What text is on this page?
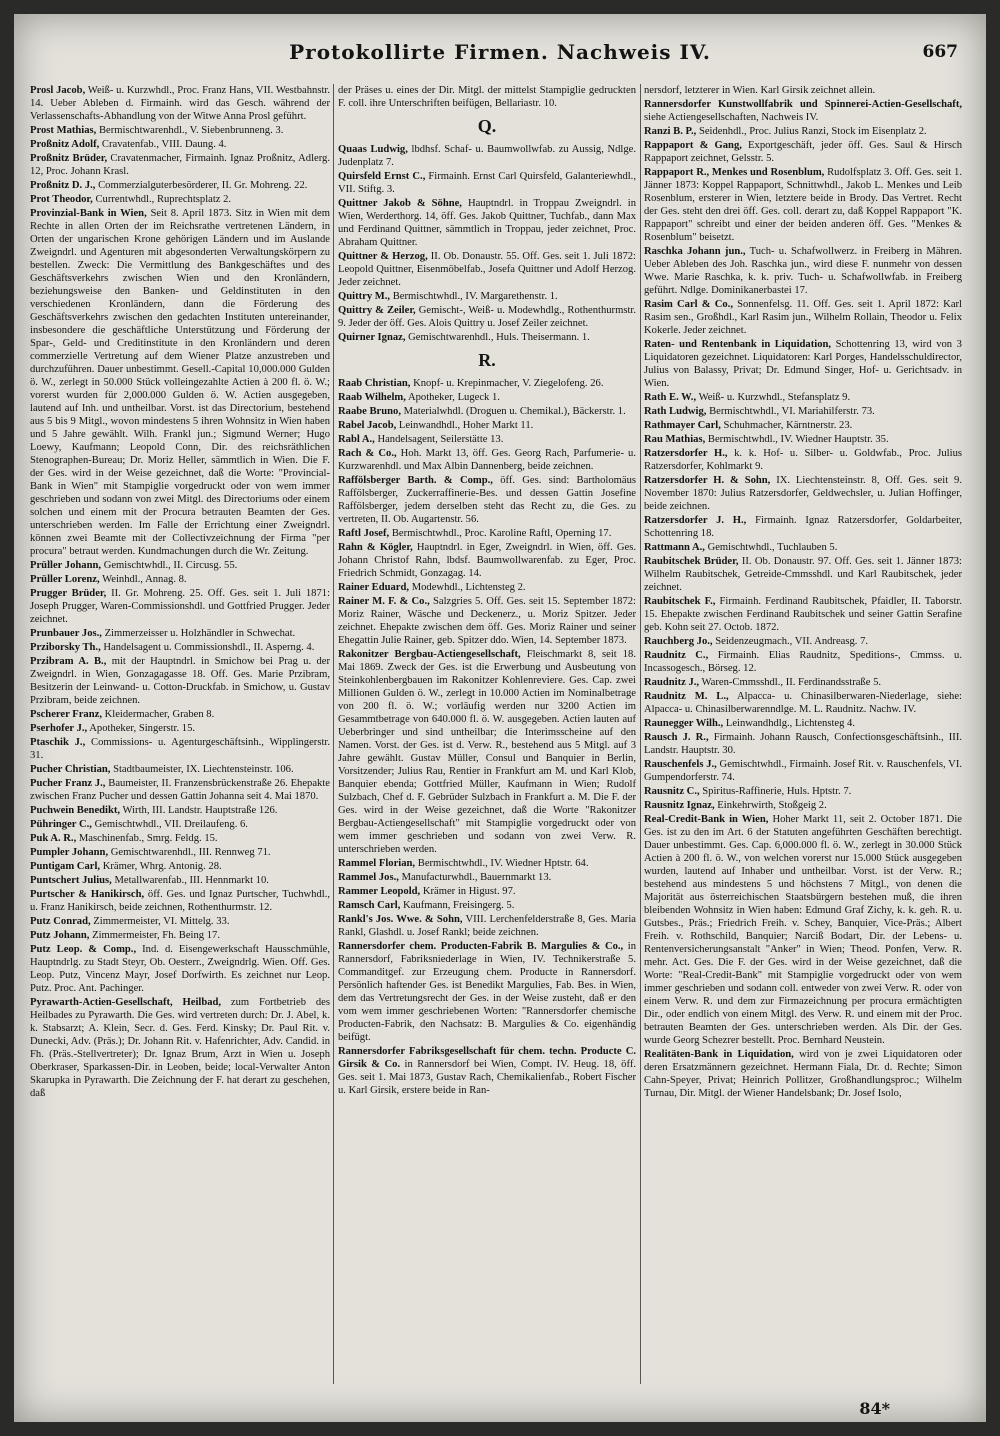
Protokollirte Firmen. Nachweis IV.	667
Prosl Jacob, Weiß- u. Kurzwhdl., Proc. Franz Hans, VII. Westbahnstr. 14. Ueber Ableben d. Firmainh. wird das Gesch. während der Verlassenschafts-Abhandlung von der Witwe Anna Prosl geführt.
Prost Mathias, Bermischtwarenhdl., V. Siebenbrunneng. 3.
Proßnitz Adolf, Cravatenfab., VIII. Daung. 4.
Proßnitz Brüder, Cravatenmacher, Firmainh. Ignaz Proßnitz, Adlerg. 12, Proc. Johann Krasl.
Proßnitz D. J., Commerzialguterbesörderer, II. Gr. Mohreng. 22.
Prot Theodor, Currentwhdl., Ruprechtsplatz 2.
Provinzial-Bank in Wien, Seit 8. April 1873. Sitz in Wien mit dem Rechte in allen Orten der im Reichsrathe vertretenen Ländern, in Orten der ungarischen Krone gehörigen Ländern und im Auslande Zweigndrl. und Agenturen mit abgesonderten Verwaltungskörpern zu bestellen. Zweck: Die Vermittlung des Bankgeschäftes und des Geschäftsverkehrs zwischen Wien und den Kronländern, beziehungsweise den Banken- und Geldinstituten in den verschiedenen Kronländern, dann die Förderung des Geschäftsverkehrs zwischen den gedachten Instituten untereinander, insbesondere die geschäftliche Unterstützung und Förderung der Spar-, Geld- und Creditinstitute in den Kronländern und deren commerzielle Vertretung auf dem Wiener Platze anzustreben und durchzuführen. Dauer unbestimmt. Gesell.-Capital 10,000.000 Gulden ö. W., zerlegt in 50.000 Stück volleingezahlte Actien à 200 fl. ö. W.; vorerst wurden für 2,000.000 Gulden ö. W. Actien ausgegeben, lautend auf Inh. und untheilbar. Vorst. ist das Directorium, bestehend aus 5 bis 9 Mitgl., wovon mindestens 5 ihren Wohnsitz in Wien haben und 5 Jahre gewählt. Wilh. Frankl jun.; Sigmund Werner; Hugo Loewy, Kaufmann; Leopold Conn, Dir. des reichsräthlichen Stenographen-Bureau; Dr. Moriz Heller, sämmtlich in Wien. Die F. der Ges. wird in der Weise gezeichnet, daß die Worte: "Provincial-Bank in Wien" mit Stampiglie vorgedruckt oder von wem immer geschrieben und sodann von zwei Mitgl. des Directoriums oder einem solchen und einem mit der Procura betrauten Beamten der Ges. unterschrieben werden. Im Falle der Errichtung einer Zweigndrl. können zwei Beamte mit der Collectivzeichnung der Firma "per procura" betraut werden. Kundmachungen durch die Wr. Zeitung.
Prüller Johann, Gemischtwhdl., II. Circusg. 55.
Prüller Lorenz, Weinhdl., Annag. 8.
Prugger Brüder, II. Gr. Mohreng. 25. Off. Ges. seit 1. Juli 1871: Joseph Prugger, Waren-Commissionshdl. und Gottfried Prugger. Jeder zeichnet.
Prunbauer Jos., Zimmerzeisser u. Holzhändler in Schwechat.
Prziborsky Th., Handelsagent u. Commissionshdl., II. Asperng. 4.
Przibram A. B., mit der Hauptndrl. in Smichow bei Prag u. der Zweigndrl. in Wien, Gonzagagasse 18. Off. Ges. Marie Przibram, Besitzerin der Leinwand- u. Cotton-Druckfab. in Smichow, u. Gustav Przibram, beide zeichnen.
Pscherer Franz, Kleidermacher, Graben 8.
Pserhofer J., Apotheker, Singerstr. 15.
Ptaschik J., Commissions- u. Agenturgeschäftsinh., Wipplingerstr. 31.
Pucher Christian, Stadtbaumeister, IX. Liechtensteinstr. 106.
Pucher Franz J., Baumeister, II. Franzensbrückenstraße 26. Ehepakte zwischen Franz Pucher und dessen Gattin Johanna seit 4. Mai 1870.
Puchwein Benedikt, Wirth, III. Landstr. Hauptstraße 126.
Pühringer C., Gemischtwhdl., VII. Dreilaufeng. 6.
Puk A. R., Maschinenfab., Smrg. Feldg. 15.
Pumpler Johann, Gemischtwarenhdl., III. Rennweg 71.
Puntigam Carl, Krämer, Whrg. Antonig. 28.
Puntschert Julius, Metallwarenfab., III. Hennmarkt 10.
Purtscher & Hanikirsch, öff. Ges. und Ignaz Purtscher, Tuchwhdl., u. Franz Hanikirsch, beide zeichnen, Rothenthurmstr. 12.
Putz Conrad, Zimmermeister, VI. Mittelg. 33.
Putz Johann, Zimmermeister, Fh. Being 17.
Putz Leop. & Comp., Ind. d. Eisengewerkschaft Hausschmühle, Hauptndrlg. zu Stadt Steyr, Ob. Oesterr., Zweigndrlg. Wien. Off. Ges. Leop. Putz, Vincenz Mayr, Josef Dorfwirth. Es zeichnet nur Leop. Putz. Proc. Ant. Pachinger.
Pyrawarth-Actien-Gesellschaft, Heilbad, zum Fortbetrieb des Heilbades zu Pyrawarth. Die Ges. wird vertreten durch: Dr. J. Abel, k. k. Stabsarzt; A. Klein, Secr. d. Ges. Ferd. Kinsky; Dr. Paul Rit. v. Dunecki, Adv. (Präs.); Dr. Johann Rit. v. Hafenrichter, Adv. Candid. in Fh. (Präs.-Stellvertreter); Dr. Ignaz Brum, Arzt in Wien u. Joseph Oberkraser, Sparkassen-Dir. in Leoben, beide; local-Verwalter Anton Skarupka in Pyrawarth. Die Zeichnung der F. hat derart zu geschehen, daß
der Präses u. eines der Dir. Mitgl. der mittelst Stampiglie gedruckten F. coll. ihre Unterschriften beifügen, Bellariastr. 10.
Q.
Quaas Ludwig, lbdhsf. Schaf- u. Baumwollwfab. zu Aussig, Ndlge. Judenplatz 7.
Quirsfeld Ernst C., Firmainh. Ernst Carl Quirsfeld, Galanteriewhdl., VII. Stiftg. 3.
Quittner Jakob & Söhne, Hauptndrl. in Troppau Zweigndrl. in Wien, Werderthorg. 14, öff. Ges. Jakob Quittner, Tuchfab., dann Max und Ferdinand Quittner, sämmtlich in Troppau, jeder zeichnet, Proc. Abraham Quittner.
Quittner & Herzog, II. Ob. Donaustr. 55. Off. Ges. seit 1. Juli 1872: Leopold Quittner, Eisenmöbelfab., Josefa Quittner und Adolf Herzog. Jeder zeichnet.
Quittry M., Bermischtwhdl., IV. Margarethenstr. 1.
Quittry & Zeiler, Gemischt-, Weiß- u. Modewhdlg., Rothenthurmstr. 9. Jeder der öff. Ges. Alois Quittry u. Josef Zeiler zeichnet.
Quirner Ignaz, Gemischtwarenhdl., Huls. Theisermann. 1.
R.
Raab Christian, Knopf- u. Krepinmacher, V. Ziegelofeng. 26.
Raab Wilhelm, Apotheker, Lugeck 1.
Raabe Bruno, Materialwhdl. (Droguen u. Chemikal.), Bäckerstr. 1.
Rabel Jacob, Leinwandhdl., Hoher Markt 11.
Rabl A., Handelsagent, Seilerstätte 13.
Rach & Co., Hoh. Markt 13, öff. Ges. Georg Rach, Parfumerie- u. Kurzwarenhdl. und Max Albin Dannenberg, beide zeichnen.
Raffölsberger Barth. & Comp., öff. Ges. sind: Bartholomäus Raffölsberger, Zuckerraffinerie-Bes. und dessen Gattin Josefine Raffölsberger, jedem derselben steht das Recht zu, die Ges. zu vertreten, II. Ob. Augartenstr. 56.
Raftl Josef, Bermischtwhdl., Proc. Karoline Raftl, Operning 17.
Rahn & Kögler, Hauptndrl. in Eger, Zweigndrl. in Wien, öff. Ges. Johann Christof Rahn, lbdsf. Baumwollwarenfab. zu Eger, Proc. Friedrich Schmidt, Gonzagag. 14.
Rainer Eduard, Modewhdl., Lichtensteg 2.
Rainer M. F. & Co., Salzgries 5. Off. Ges. seit 15. September 1872: Moriz Rainer, Wäsche und Deckenerz., u. Moriz Spitzer. Jeder zeichnet. Ehepakte zwischen dem öff. Ges. Moriz Rainer und seiner Ehegattin Julie Rainer, geb. Spitzer ddo. Wien, 14. September 1873.
Rakonitzer Bergbau-Actiengesellschaft, Fleischmarkt 8, seit 18. Mai 1869. Zweck der Ges. ist die Erwerbung und Ausbeutung von Steinkohlenbergbauen im Rakonitzer Kohlenreviere. Ges. Cap. zwei Millionen Gulden ö. W., zerlegt in 10.000 Actien im Nominalbetrage von 200 fl. ö. W.; vorläufig werden nur 3200 Actien im Gesammtbetrage von 640.000 fl. ö. W. ausgegeben. Actien lauten auf Ueberbringer und sind untheilbar; die Interimsscheine auf den Namen. Vorst. der Ges. ist d. Verw. R., bestehend aus 5 Mitgl. auf 3 Jahre gewählt. Gustav Müller, Consul und Banquier in Berlin, Vorsitzender; Julius Rau, Rentier in Frankfurt am M. und Karl Klob, Banquier ebenda; Gottfried Müller, Kaufmann in Wien; Rudolf Sulzbach, Chef d. F. Gebrüder Sulzbach in Frankfurt a. M. Die F. der Ges. wird in der Weise gezeichnet, daß die Worte "Rakonitzer Bergbau-Actiengesellschaft" mit Stampiglie vorgedruckt oder von wem immer geschrieben und sodann von zwei Verw. R. unterschrieben werden.
Rammel Florian, Bermischtwhdl., IV. Wiedner Hptstr. 64.
Rammel Jos., Manufacturwhdl., Bauernmarkt 13.
Rammer Leopold, Krämer in Higust. 97.
Ramsch Carl, Kaufmann, Freisingerg. 5.
Rankl's Jos. Wwe. & Sohn, VIII. Lerchenfelderstraße 8, Ges. Maria Rankl, Glashdl. u. Josef Rankl; beide zeichnen.
Rannersdorfer chem. Producten-Fabrik B. Margulies & Co., in Rannersdorf, Fabriksniederlage in Wien, IV. Technikerstraße 5. Commanditgef. zur Erzeugung chem. Producte in Rannersdorf. Persönlich haftender Ges. ist Benedikt Margulies, Fab. Bes. in Wien, dem das Vertretungsrecht der Ges. in der Weise zusteht, daß er den vom wem immer geschriebenen Worten: "Rannersdorfer chemische Producten-Fabrik, den Nachsatz: B. Margulies & Co. eigenhändig beifügt.
Rannersdorfer Fabriksgesellschaft für chem. techn. Producte C. Girsik & Co. in Rannersdorf bei Wien, Compt. IV. Heug. 18, öff. Ges. seit 1. Mai 1873, Gustav Rach, Chemikalienfab., Robert Fischer u. Karl Girsik, erstere beide in Ran-
nersdorf, letzterer in Wien. Karl Girsik zeichnet allein.
Rannersdorfer Kunstwollfabrik und Spinnerei-Actien-Gesellschaft, siehe Actiengesellschaften, Nachweis IV.
Ranzi B. P., Seidenhdl., Proc. Julius Ranzi, Stock im Eisenplatz 2.
Rappaport & Gang, Exportgeschäft, jeder öff. Ges. Saul & Hirsch Rappaport zeichnet, Gelsstr. 5.
Rappaport R., Menkes und Rosenblum, Rudolfsplatz 3. Off. Ges. seit 1. Jänner 1873: Koppel Rappaport, Schnittwhdl., Jakob L. Menkes und Leib Rosenblum, ersterer in Wien, letztere beide in Brody. Das Vertret. Recht der Ges. steht den drei öff. Ges. coll. derart zu, daß Koppel Rappaport "K. Rappaport" schreibt und einer der beiden anderen öff. Ges. "Menkes & Rosenblum" beisetzt.
Raschka Johann jun., Tuch- u. Schafwollwerz. in Freiberg in Mähren. Ueber Ableben des Joh. Raschka jun., wird diese F. nunmehr von dessen Wwe. Marie Raschka, k. k. priv. Tuch- u. Schafwollwfab. in Freiberg geführt. Ndlge. Dominikanerbastei 17.
Rasim Carl & Co., Sonnenfelsg. 11. Off. Ges. seit 1. April 1872: Karl Rasim sen., Großhdl., Karl Rasim jun., Wilhelm Rollain, Theodor u. Felix Kokerle. Jeder zeichnet.
Raten- und Rentenbank in Liquidation, Schottenring 13, wird von 3 Liquidatoren gezeichnet. Liquidatoren: Karl Porges, Handelsschuldirector, Julius von Balassy, Privat; Dr. Edmund Singer, Hof- u. Gerichtsadv. in Wien.
Rath E. W., Weiß- u. Kurzwhdl., Stefansplatz 9.
Rath Ludwig, Bermischtwhdl., VI. Mariahilferstr. 73.
Rathmayer Carl, Schuhmacher, Kärntnerstr. 23.
Rau Mathias, Bermischtwhdl., IV. Wiedner Hauptstr. 35.
Ratzersdorfer H., k. k. Hof- u. Silber- u. Goldwfab., Proc. Julius Ratzersdorfer, Kohlmarkt 9.
Ratzersdorfer H. & Sohn, IX. Liechtensteinstr. 8, Off. Ges. seit 9. November 1870: Julius Ratzersdorfer, Geldwechsler, u. Julian Hoffinger, beide zeichnen.
Ratzersdorfer J. H., Firmainh. Ignaz Ratzersdorfer, Goldarbeiter, Schottenring 18.
Rattmann A., Gemischtwhdl., Tuchlauben 5.
Raubitschek Brüder, II. Ob. Donaustr. 97. Off. Ges. seit 1. Jänner 1873: Wilhelm Raubitschek, Getreide-Cmmsshdl. und Karl Raubitschek, jeder zeichnet.
Raubitschek F., Firmainh. Ferdinand Raubitschek, Pfaidler, II. Taborstr. 15. Ehepakte zwischen Ferdinand Raubitschek und seiner Gattin Serafine geb. Kohn seit 27. Octob. 1872.
Rauchberg Jo., Seidenzeugmach., VII. Andreasg. 7.
Raudnitz C., Firmainh. Elias Raudnitz, Speditions-, Cmmss. u. Incassogesch., Börseg. 12.
Raudnitz J., Waren-Cmmsshdl., II. Ferdinandsstraße 5.
Raudnitz M. L., Alpacca- u. Chinasilberwaren-Niederlage, siehe: Alpacca- u. Chinasilberwarenndlge. M. L. Raudnitz. Nachw. IV.
Raunegger Wilh., Leinwandhdlg., Lichtensteg 4.
Rausch J. R., Firmainh. Johann Rausch, Confectionsgeschäftsinh., III. Landstr. Hauptstr. 30.
Rauschenfels J., Gemischtwhdl., Firmainh. Josef Rit. v. Rauschenfels, VI. Gumpendorferstr. 74.
Rausnitz C., Spiritus-Raffinerie, Huls. Hptstr. 7.
Rausnitz Ignaz, Einkehrwirth, Stoßgeig 2.
Real-Credit-Bank in Wien, Hoher Markt 11, seit 2. October 1871. Die Ges. ist zu den im Art. 6 der Statuten angeführten Geschäften berechtigt. Dauer unbestimmt. Ges. Cap. 6,000.000 fl. ö. W., zerlegt in 30.000 Stück Actien à 200 fl. ö. W., von welchen vorerst nur 15.000 Stück ausgegeben wurden, lautend auf Inhaber und untheilbar. Vorst. ist der Verw. R.; bestehend aus mindestens 5 und höchstens 7 Mitgl., von denen die Majorität aus österreichischen Staatsbürgern bestehen muß, die ihren bleibenden Wohnsitz in Wien haben: Edmund Graf Zichy, k. k. geh. R. u. Gutsbes., Präs.; Friedrich Freih. v. Schey, Banquier, Vice-Präs.; Albert Freih. v. Rothschild, Banquier; Narciß Bodart, Dir. der Lebens- u. Rentenversicherungsanstalt "Anker" in Wien; Theod. Ponfen, Verw. R. mehr. Act. Ges. Die F. der Ges. wird in der Weise gezeichnet, daß die Worte: "Real-Credit-Bank" mit Stampiglie vorgedruckt oder von wem immer geschrieben und sodann coll. entweder von zwei Verw. R. oder von einem Verw. R. und dem zur Firmazeichnung per procura ermächtigten Dir., oder endlich von einem Mitgl. des Verw. R. und einem mit der Proc. betrauten Beamten der Ges. unterschrieben werden. Als Dir. der Ges. wurde Georg Schezrer bestellt. Proc. Bernhard Neustein.
Realitäten-Bank in Liquidation, wird von je zwei Liquidatoren oder deren Ersatzmännern gezeichnet. Hermann Fiala, Dr. d. Rechte; Simon Cahn-Speyer, Privat; Heinrich Pollitzer, Großhandlungsproc.; Wilhelm Turnau, Dir. Mitgl. der Wiener Handelsbank; Dr. Josef Isolo,
84*
